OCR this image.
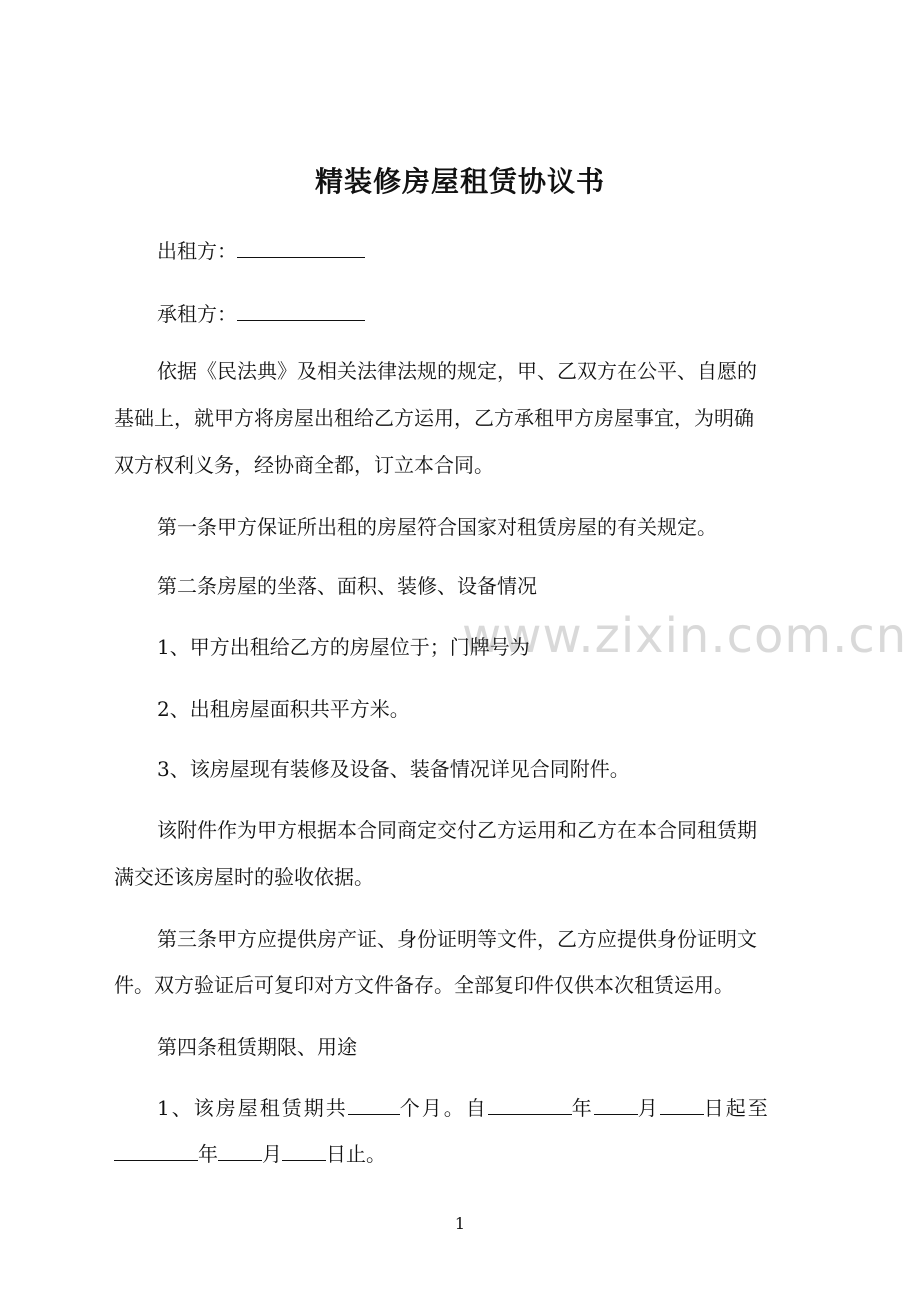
www.zixin.com.cn
精装修房屋租赁协议书
出租方：
承租方：
依据《民法典》及相关法律法规的规定，甲、乙双方在公平、自愿的
基础上，就甲方将房屋出租给乙方运用，乙方承租甲方房屋事宜，为明确
双方权利义务，经协商全都，订立本合同。
第一条甲方保证所出租的房屋符合国家对租赁房屋的有关规定。
第二条房屋的坐落、面积、装修、设备情况
1、甲方出租给乙方的房屋位于；门牌号为
2、出租房屋面积共平方米。
3、该房屋现有装修及设备、装备情况详见合同附件。
该附件作为甲方根据本合同商定交付乙方运用和乙方在本合同租赁期
满交还该房屋时的验收依据。
第三条甲方应提供房产证、身份证明等文件，乙方应提供身份证明文
件。双方验证后可复印对方文件备存。全部复印件仅供本次租赁运用。
第四条租赁期限、用途
1、该房屋租赁期共	个月。自	年 月 日起至
年 月 日止。
1
